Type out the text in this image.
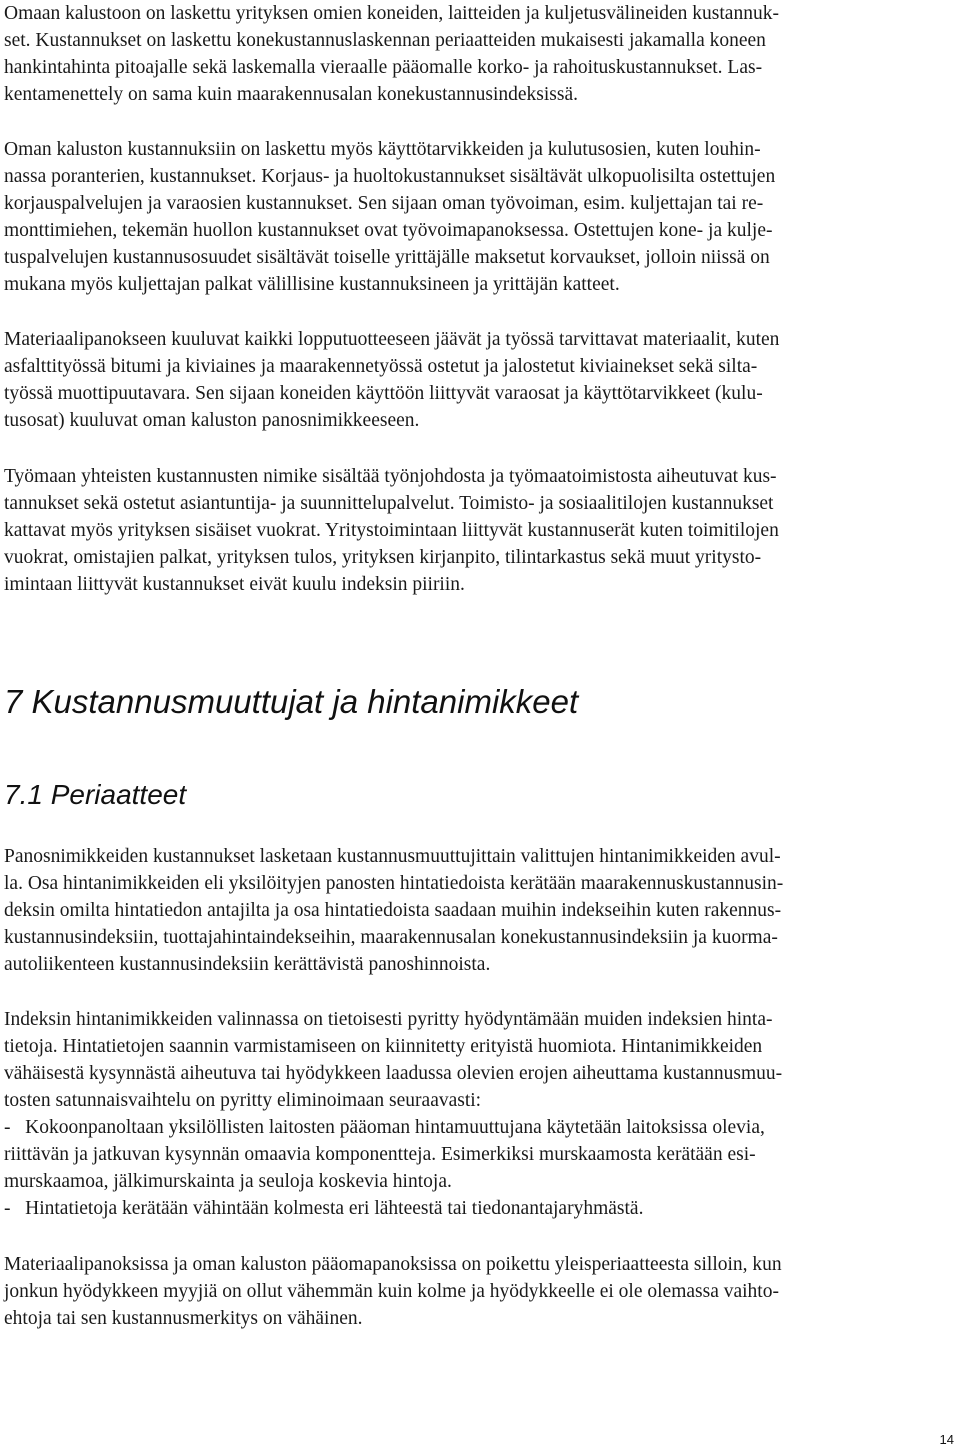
Omaan kalustoon on laskettu yrityksen omien koneiden, laitteiden ja kuljetusvälineiden kustannuk-

set. Kustannukset on laskettu konekustannuslaskennan periaatteiden mukaisesti jakamalla koneen

hankintahinta pitoajalle sekä laskemalla vieraalle pääomalle korko- ja rahoituskustannukset. Las-

kentamenettely on sama kuin maarakennusalan konekustannusindeksissä.

Oman kaluston kustannuksiin on laskettu myös käyttötarvikkeiden ja kulutusosien, kuten louhin-

nassa poranterien, kustannukset. Korjaus- ja huoltokustannukset sisältävät ulkopuolisilta ostettujen

korjauspalvelujen ja varaosien kustannukset. Sen sijaan oman työvoiman, esim. kuljettajan tai re-

monttimiehen, tekemän huollon kustannukset ovat työvoimapanoksessa. Ostettujen kone- ja kulje-

tuspalvelujen kustannusosuudet sisältävät toiselle yrittäjälle maksetut korvaukset, jolloin niissä on

mukana myös kuljettajan palkat välillisine kustannuksineen ja yrittäjän katteet.

Materiaalipanokseen kuuluvat kaikki lopputuotteeseen jäävät ja työssä tarvittavat materiaalit, kuten

asfalttityössä bitumi ja kiviaines ja maarakennetyössä ostetut ja jalostetut kiviainekset sekä silta-

työssä muottipuutavara. Sen sijaan koneiden käyttöön liittyvät varaosat ja käyttötarvikkeet (kulu-

tusosat) kuuluvat oman kaluston panosnimikkeeseen.

Työmaan yhteisten kustannusten nimike sisältää työnjohdosta ja työmaatoimistosta aiheutuvat kus-

tannukset sekä ostetut asiantuntija- ja suunnittelupalvelut. Toimisto- ja sosiaalitilojen kustannukset

kattavat myös yrityksen sisäiset vuokrat. Yritystoimintaan liittyvät kustannuserät kuten toimitilojen

vuokrat, omistajien palkat, yrityksen tulos, yrityksen kirjanpito, tilintarkastus sekä muut yritysto-

imintaan liittyvät kustannukset eivät kuulu indeksin piiriin.

7 Kustannusmuuttujat ja hintanimikkeet
7.1 Periaatteet

Panosnimikkeiden kustannukset lasketaan kustannusmuuttujittain valittujen hintanimikkeiden avul-

la. Osa hintanimikkeiden eli yksilöityjen panosten hintatiedoista kerätään maarakennuskustannusin-

deksin omilta hintatiedon antajilta ja osa hintatiedoista saadaan muihin indekseihin kuten rakennus-

kustannusindeksiin, tuottajahintaindekseihin, maarakennusalan konekustannusindeksiin ja kuorma-

autoliikenteen kustannusindeksiin kerättävistä panoshinnoista.

Indeksin hintanimikkeiden valinnassa on tietoisesti pyritty hyödyntämään muiden indeksien hinta-

tietoja. Hintatietojen saannin varmistamiseen on kiinnitetty erityistä huomiota. Hintanimikkeiden

vähäisestä kysynnästä aiheutuva tai hyödykkeen laadussa olevien erojen aiheuttama kustannusmuu-

tosten satunnaisvaihtelu on pyritty eliminoimaan seuraavasti:

-   Kokoonpanoltaan yksilöllisten laitosten pääoman hintamuuttujana käytetään laitoksissa olevia,

riittävän ja jatkuvan kysynnän omaavia komponentteja. Esimerkiksi murskaamosta kerätään esi-

murskaamoa, jälkimurskainta ja seuloja koskevia hintoja.

-   Hintatietoja kerätään vähintään kolmesta eri lähteestä tai tiedonantajaryhmästä.

Materiaalipanoksissa ja oman kaluston pääomapanoksissa on poikettu yleisperiaatteesta silloin, kun

jonkun hyödykkeen myyjiä on ollut vähemmän kuin kolme ja hyödykkeelle ei ole olemassa vaihto-

ehtoja tai sen kustannusmerkitys on vähäinen.

14
